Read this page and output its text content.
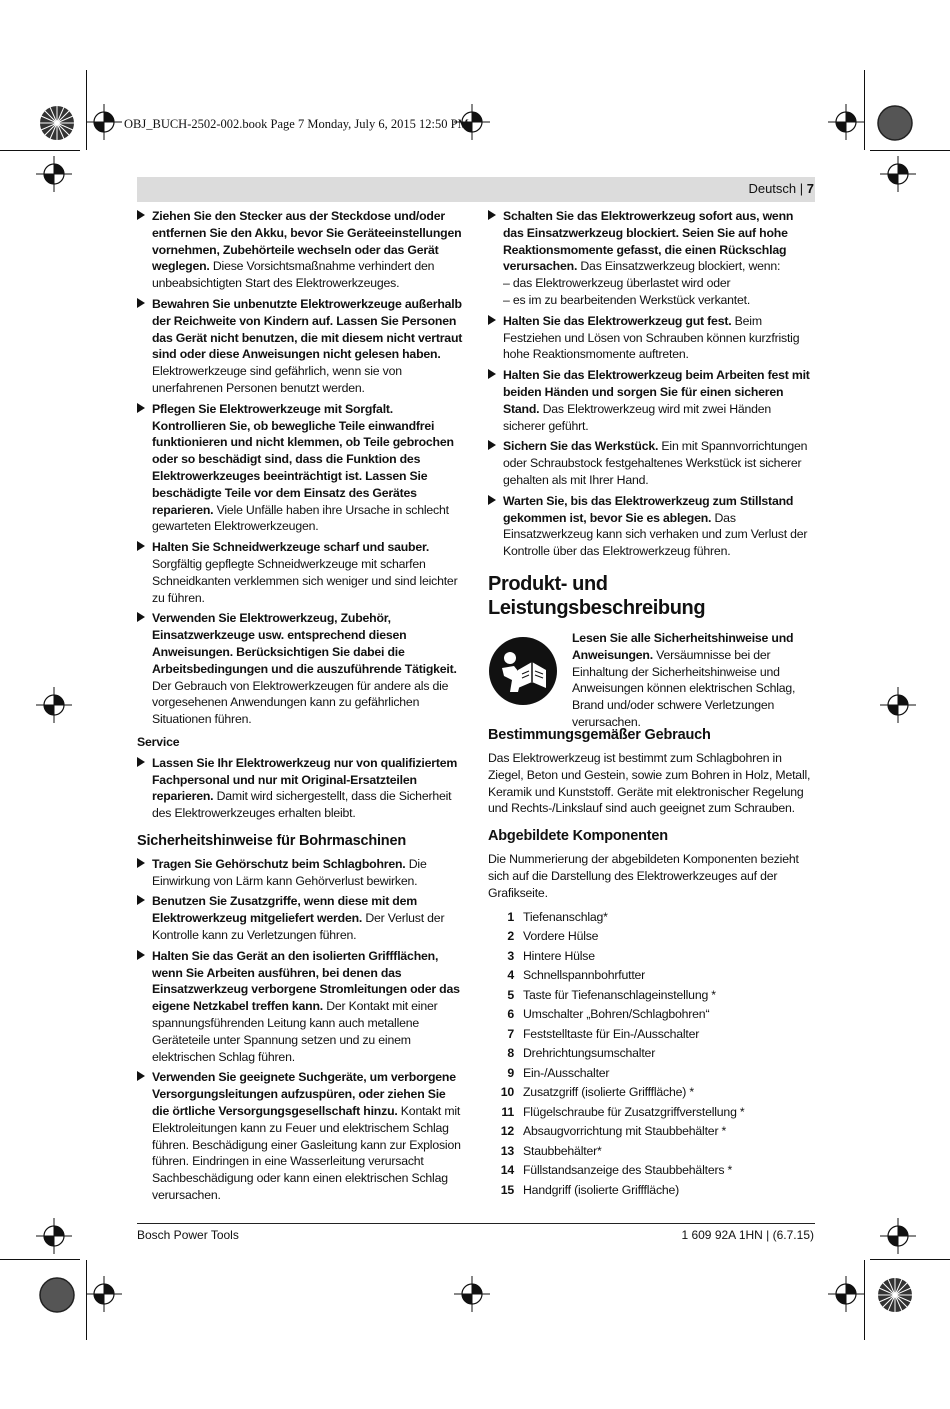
OBJ_BUCH-2502-002.book Page 7 Monday, July 6, 2015 12:50 PM
Deutsch | 7
Ziehen Sie den Stecker aus der Steckdose und/oder entfernen Sie den Akku, bevor Sie Geräteeinstellungen vornehmen, Zubehörteile wechseln oder das Gerät weglegen. Diese Vorsichtsmaßnahme verhindert den unbeabsichtigten Start des Elektrowerkzeuges.
Bewahren Sie unbenutzte Elektrowerkzeuge außerhalb der Reichweite von Kindern auf. Lassen Sie Personen das Gerät nicht benutzen, die mit diesem nicht vertraut sind oder diese Anweisungen nicht gelesen haben. Elektrowerkzeuge sind gefährlich, wenn sie von unerfahrenen Personen benutzt werden.
Pflegen Sie Elektrowerkzeuge mit Sorgfalt. Kontrollieren Sie, ob bewegliche Teile einwandfrei funktionieren und nicht klemmen, ob Teile gebrochen oder so beschädigt sind, dass die Funktion des Elektrowerkzeuges beeinträchtigt ist. Lassen Sie beschädigte Teile vor dem Einsatz des Gerätes reparieren. Viele Unfälle haben ihre Ursache in schlecht gewarteten Elektrowerkzeugen.
Halten Sie Schneidwerkzeuge scharf und sauber. Sorgfältig gepflegte Schneidwerkzeuge mit scharfen Schneidkanten verklemmen sich weniger und sind leichter zu führen.
Verwenden Sie Elektrowerkzeug, Zubehör, Einsatzwerkzeuge usw. entsprechend diesen Anweisungen. Berücksichtigen Sie dabei die Arbeitsbedingungen und die auszuführende Tätigkeit. Der Gebrauch von Elektrowerkzeugen für andere als die vorgesehenen Anwendungen kann zu gefährlichen Situationen führen.
Service
Lassen Sie Ihr Elektrowerkzeug nur von qualifiziertem Fachpersonal und nur mit Original-Ersatzteilen reparieren. Damit wird sichergestellt, dass die Sicherheit des Elektrowerkzeuges erhalten bleibt.
Sicherheitshinweise für Bohrmaschinen
Tragen Sie Gehörschutz beim Schlagbohren. Die Einwirkung von Lärm kann Gehörverlust bewirken.
Benutzen Sie Zusatzgriffe, wenn diese mit dem Elektrowerkzeug mitgeliefert werden. Der Verlust der Kontrolle kann zu Verletzungen führen.
Halten Sie das Gerät an den isolierten Griffflächen, wenn Sie Arbeiten ausführen, bei denen das Einsatzwerkzeug verborgene Stromleitungen oder das eigene Netzkabel treffen kann. Der Kontakt mit einer spannungsführenden Leitung kann auch metallene Geräteteile unter Spannung setzen und zu einem elektrischen Schlag führen.
Verwenden Sie geeignete Suchgeräte, um verborgene Versorgungsleitungen aufzuspüren, oder ziehen Sie die örtliche Versorgungsgesellschaft hinzu. Kontakt mit Elektroleitungen kann zu Feuer und elektrischem Schlag führen. Beschädigung einer Gasleitung kann zur Explosion führen. Eindringen in eine Wasserleitung verursacht Sachbeschädigung oder kann einen elektrischen Schlag verursachen.
Schalten Sie das Elektrowerkzeug sofort aus, wenn das Einsatzwerkzeug blockiert. Seien Sie auf hohe Reaktionsmomente gefasst, die einen Rückschlag verursachen. Das Einsatzwerkzeug blockiert, wenn:
– das Elektrowerkzeug überlastet wird oder
– es im zu bearbeitenden Werkstück verkantet.
Halten Sie das Elektrowerkzeug gut fest. Beim Festziehen und Lösen von Schrauben können kurzfristig hohe Reaktionsmomente auftreten.
Halten Sie das Elektrowerkzeug beim Arbeiten fest mit beiden Händen und sorgen Sie für einen sicheren Stand. Das Elektrowerkzeug wird mit zwei Händen sicherer geführt.
Sichern Sie das Werkstück. Ein mit Spannvorrichtungen oder Schraubstock festgehaltenes Werkstück ist sicherer gehalten als mit Ihrer Hand.
Warten Sie, bis das Elektrowerkzeug zum Stillstand gekommen ist, bevor Sie es ablegen. Das Einsatzwerkzeug kann sich verhaken und zum Verlust der Kontrolle über das Elektrowerkzeug führen.
Produkt- und Leistungsbeschreibung
Lesen Sie alle Sicherheitshinweise und Anweisungen. Versäumnisse bei der Einhaltung der Sicherheitshinweise und Anweisungen können elektrischen Schlag, Brand und/oder schwere Verletzungen verursachen.
Bestimmungsgemäßer Gebrauch
Das Elektrowerkzeug ist bestimmt zum Schlagbohren in Ziegel, Beton und Gestein, sowie zum Bohren in Holz, Metall, Keramik und Kunststoff. Geräte mit elektronischer Regelung und Rechts-/Linkslauf sind auch geeignet zum Schrauben.
Abgebildete Komponenten
Die Nummerierung der abgebildeten Komponenten bezieht sich auf die Darstellung des Elektrowerkzeuges auf der Grafikseite.
1 Tiefenanschlag*
2 Vordere Hülse
3 Hintere Hülse
4 Schnellspannbohrfutter
5 Taste für Tiefenanschlageinstellung *
6 Umschalter „Bohren/Schlagbohren“
7 Feststelltaste für Ein-/Ausschalter
8 Drehrichtungsumschalter
9 Ein-/Ausschalter
10 Zusatzgriff (isolierte Grifffläche) *
11 Flügelschraube für Zusatzgriffverstellung *
12 Absaugvorrichtung mit Staubbehälter *
13 Staubbehälter*
14 Füllstandsanzeige des Staubbehälters *
15 Handgriff (isolierte Grifffläche)
Bosch Power Tools	1 609 92A 1HN | (6.7.15)
